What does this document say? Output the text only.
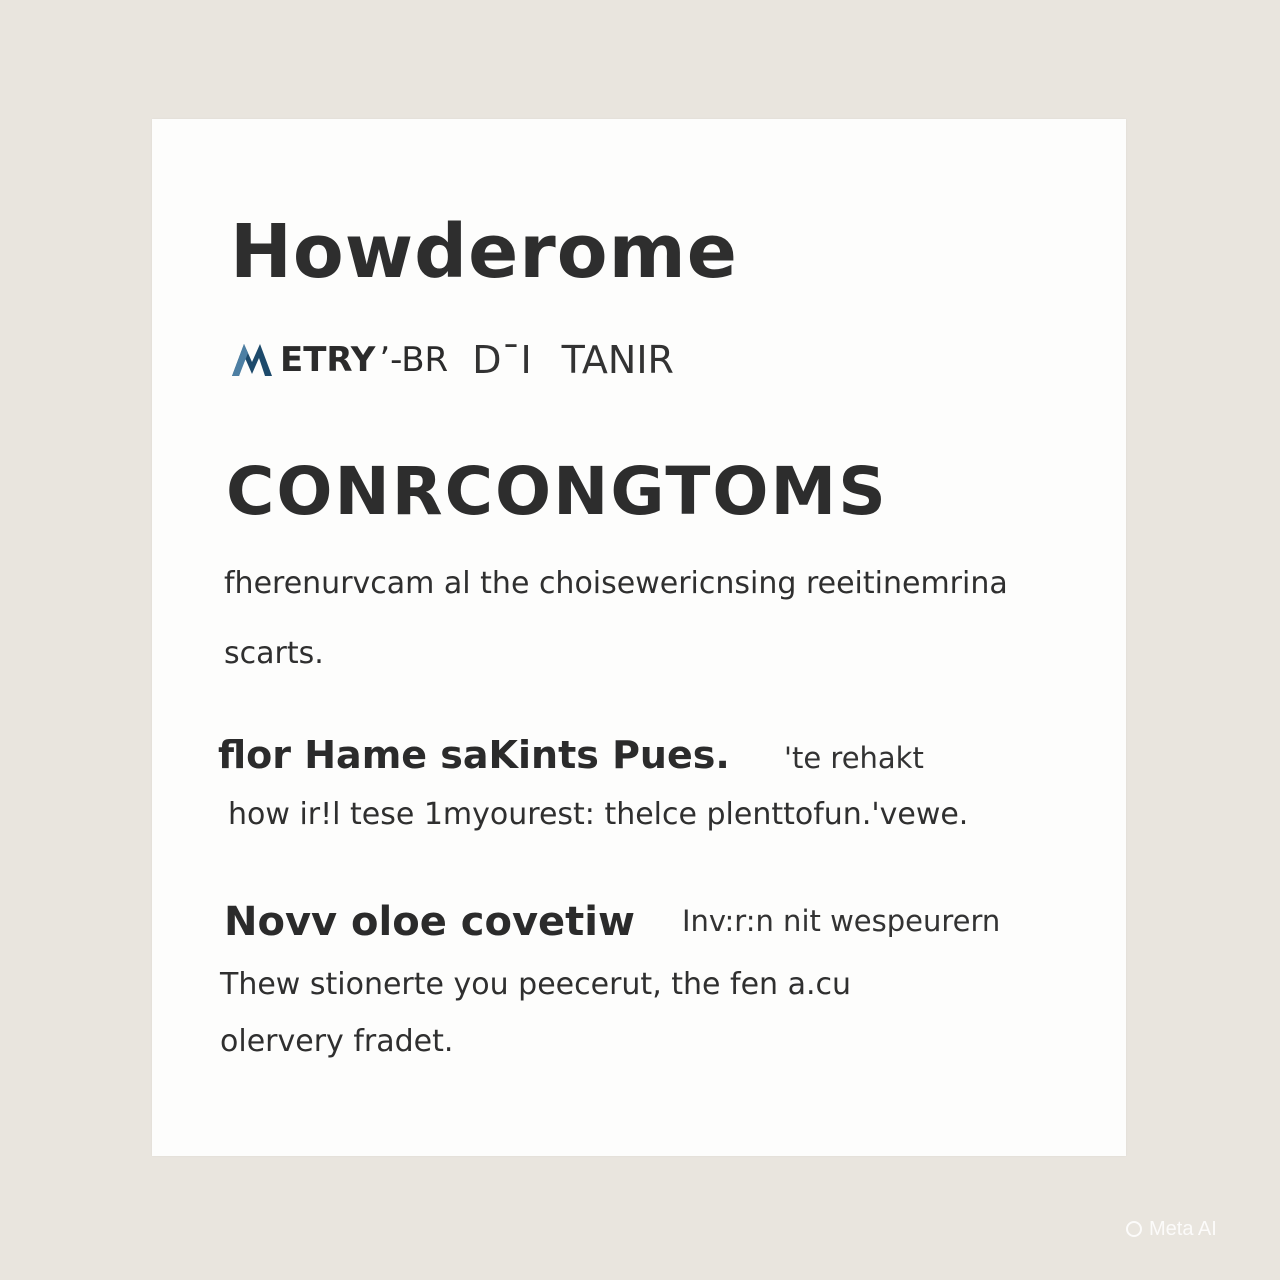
Howderome
ETRY ’-BR DˉI TANIR
CONRCONGTOMS
fherenurvcam al the choisewericnsing reeitinemrina
scarts.
flor Hame saKints Pues. 'te rehakt
how ir!l tese 1myourest: thelce plenttofun.'vewe.
Novv oloe covetiw Inv:r:n nit wespeurern
Thew stionerte you peecerut, the fen a.cu
olervery fradet.
Meta AI
